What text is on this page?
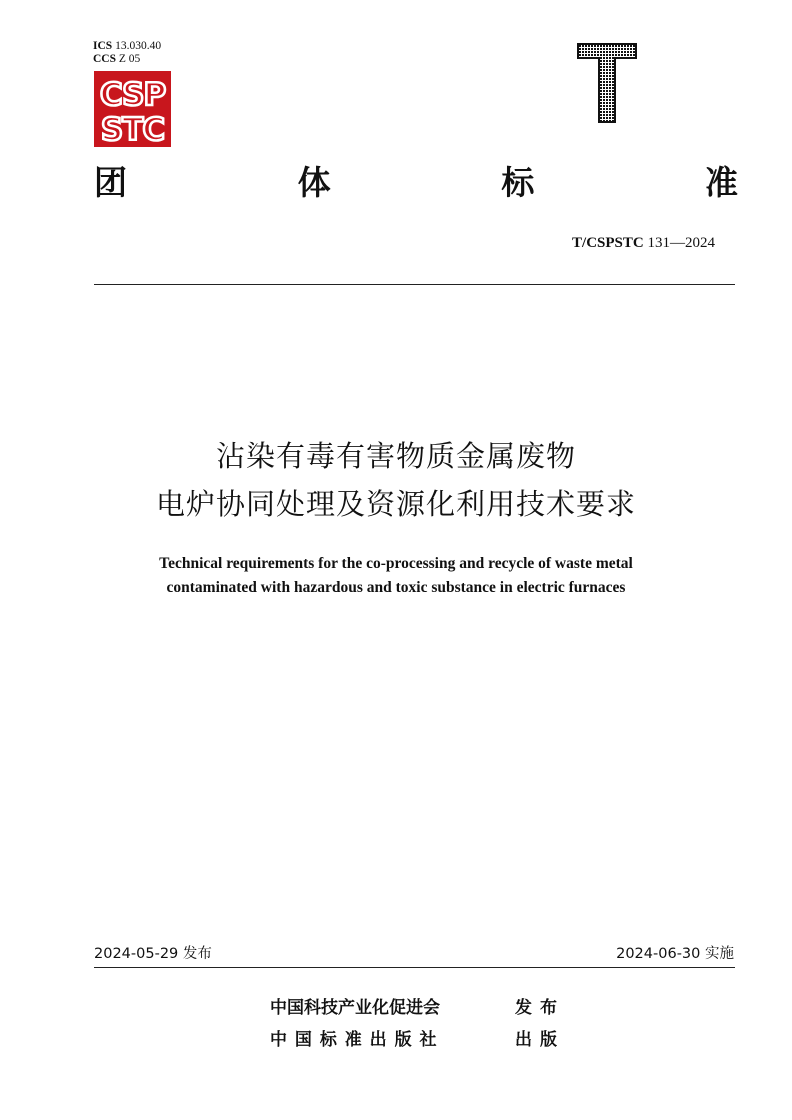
ICS 13.030.40
CCS Z 05
CSP
STC
团	体	标	准
T/CSPSTC 131—2024
沾染有毒有害物质金属废物
电炉协同处理及资源化利用技术要求
Technical requirements for the co-processing and recycle of waste metal
contaminated with hazardous and toxic substance in electric furnaces
2024-05-29 发布	2024-06-30 实施
中国科技产业化促进会	发布
中 国 标 准 出 版 社	出版
